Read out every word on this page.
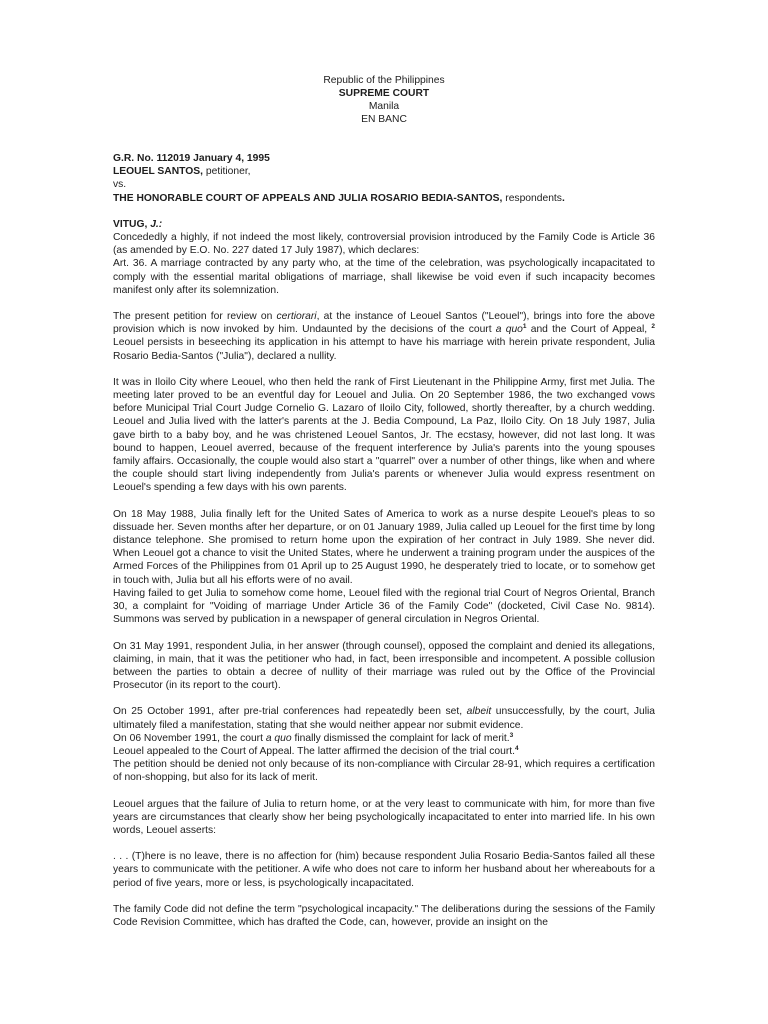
Republic of the Philippines
SUPREME COURT
Manila
EN BANC
G.R. No. 112019 January 4, 1995
LEOUEL SANTOS, petitioner,
vs.
THE HONORABLE COURT OF APPEALS AND JULIA ROSARIO BEDIA-SANTOS, respondents.
VITUG, J.:

Concededly a highly, if not indeed the most likely, controversial provision introduced by the Family Code is Article 36 (as amended by E.O. No. 227 dated 17 July 1987), which declares:

Art. 36. A marriage contracted by any party who, at the time of the celebration, was psychologically incapacitated to comply with the essential marital obligations of marriage, shall likewise be void even if such incapacity becomes manifest only after its solemnization.

The present petition for review on certiorari, at the instance of Leouel Santos ("Leouel"), brings into fore the above provision which is now invoked by him. Undaunted by the decisions of the court a quo$^1$ and the Court of Appeal, $^2$ Leouel persists in beseeching its application in his attempt to have his marriage with herein private respondent, Julia Rosario Bedia-Santos ("Julia"), declared a nullity.

It was in Iloilo City where Leouel, who then held the rank of First Lieutenant in the Philippine Army, first met Julia. The meeting later proved to be an eventful day for Leouel and Julia. On 20 September 1986, the two exchanged vows before Municipal Trial Court Judge Cornelio G. Lazaro of Iloilo City, followed, shortly thereafter, by a church wedding. Leouel and Julia lived with the latter's parents at the J. Bedia Compound, La Paz, Iloilo City. On 18 July 1987, Julia gave birth to a baby boy, and he was christened Leouel Santos, Jr. The ecstasy, however, did not last long. It was bound to happen, Leouel averred, because of the frequent interference by Julia's parents into the young spouses family affairs. Occasionally, the couple would also start a "quarrel" over a number of other things, like when and where the couple should start living independently from Julia's parents or whenever Julia would express resentment on Leouel's spending a few days with his own parents.

On 18 May 1988, Julia finally left for the United Sates of America to work as a nurse despite Leouel's pleas to so dissuade her. Seven months after her departure, or on 01 January 1989, Julia called up Leouel for the first time by long distance telephone. She promised to return home upon the expiration of her contract in July 1989. She never did. When Leouel got a chance to visit the United States, where he underwent a training program under the auspices of the Armed Forces of the Philippines from 01 April up to 25 August 1990, he desperately tried to locate, or to somehow get in touch with, Julia but all his efforts were of no avail.

Having failed to get Julia to somehow come home, Leouel filed with the regional trial Court of Negros Oriental, Branch 30, a complaint for "Voiding of marriage Under Article 36 of the Family Code" (docketed, Civil Case No. 9814). Summons was served by publication in a newspaper of general circulation in Negros Oriental.

On 31 May 1991, respondent Julia, in her answer (through counsel), opposed the complaint and denied its allegations, claiming, in main, that it was the petitioner who had, in fact, been irresponsible and incompetent. A possible collusion between the parties to obtain a decree of nullity of their marriage was ruled out by the Office of the Provincial Prosecutor (in its report to the court).

On 25 October 1991, after pre-trial conferences had repeatedly been set, albeit unsuccessfully, by the court, Julia ultimately filed a manifestation, stating that she would neither appear nor submit evidence.

On 06 November 1991, the court a quo finally dismissed the complaint for lack of merit.$^3$

Leouel appealed to the Court of Appeal. The latter affirmed the decision of the trial court.$^4$

The petition should be denied not only because of its non-compliance with Circular 28-91, which requires a certification of non-shopping, but also for its lack of merit.

Leouel argues that the failure of Julia to return home, or at the very least to communicate with him, for more than five years are circumstances that clearly show her being psychologically incapacitated to enter into married life. In his own words, Leouel asserts:

. . . (T)here is no leave, there is no affection for (him) because respondent Julia Rosario Bedia-Santos failed all these years to communicate with the petitioner. A wife who does not care to inform her husband about her whereabouts for a period of five years, more or less, is psychologically incapacitated.

The family Code did not define the term "psychological incapacity." The deliberations during the sessions of the Family Code Revision Committee, which has drafted the Code, can, however, provide an insight on the
